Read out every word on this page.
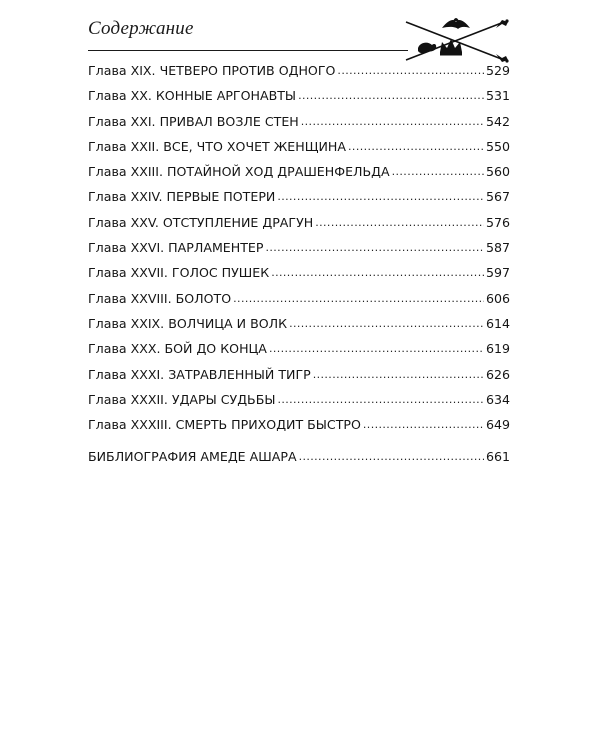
Содержание
Глава XIX. ЧЕТВЕРО ПРОТИВ ОДНОГО .....	529
Глава XX. КОННЫЕ АРГОНАВТЫ .....	531
Глава XXI. ПРИВАЛ ВОЗЛЕ СТЕН .....	542
Глава XXII. ВСЕ, ЧТО ХОЧЕТ ЖЕНЩИНА .....	550
Глава XXIII. ПОТАЙНОЙ ХОД ДРАШЕНФЕЛЬДА .....	560
Глава XXIV. ПЕРВЫЕ ПОТЕРИ .....	567
Глава XXV. ОТСТУПЛЕНИЕ ДРАГУН .....	576
Глава XXVI. ПАРЛАМЕНТЕР .....	587
Глава XXVII. ГОЛОС ПУШЕК .....	597
Глава XXVIII. БОЛОТО .....	606
Глава XXIX. ВОЛЧИЦА И ВОЛК .....	614
Глава XXX. БОЙ ДО КОНЦА .....	619
Глава XXXI. ЗАТРАВЛЕННЫЙ ТИГР .....	626
Глава XXXII. УДАРЫ СУДЬБЫ .....	634
Глава XXXIII. СМЕРТЬ ПРИХОДИТ БЫСТРО .....	649
БИБЛИОГРАФИЯ АМЕДЕ АШАРА .....	661
